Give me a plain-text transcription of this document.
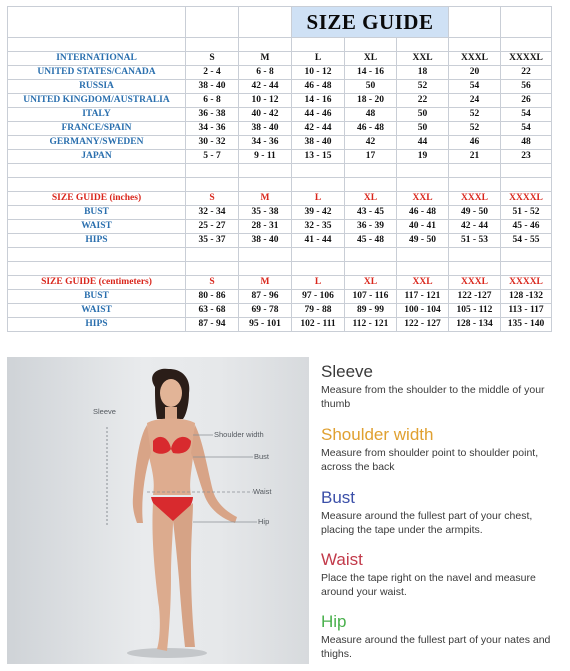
			SIZE GUIDE				

INTERNATIONAL	S	M	L	XL	XXL	XXXL	XXXXL
UNITED STATES/CANADA	2 - 4	6 - 8	10 - 12	14 - 16	18	20	22
RUSSIA	38 - 40	42 - 44	46 - 48	50	52	54	56
UNITED KINGDOM/AUSTRALIA	6 - 8	10 - 12	14 - 16	18 - 20	22	24	26
ITALY	36 - 38	40 - 42	44 - 46	48	50	52	54
FRANCE/SPAIN	34 - 36	38 - 40	42 - 44	46 - 48	50	52	54
GERMANY/SWEDEN	30 - 32	34 - 36	38 - 40	42	44	46	48
JAPAN	5 - 7	9 - 11	13 - 15	17	19	21	23

SIZE GUIDE (inches)	S	M	L	XL	XXL	XXXL	XXXXL
BUST	32 - 34	35 - 38	39 - 42	43 - 45	46 - 48	49 - 50	51 - 52
WAIST	25 - 27	28 - 31	32 - 35	36 - 39	40 - 41	42 - 44	45 - 46
HIPS	35 - 37	38 - 40	41 - 44	45 - 48	49 - 50	51 - 53	54 - 55

SIZE GUIDE (centimeters)	S	M	L	XL	XXL	XXXL	XXXXL
BUST	80 - 86	87 - 96	97 - 106	107 - 116	117 - 121	122 -127	128 -132
WAIST	63 - 68	69 - 78	79 - 88	89 - 99	100 - 104	105 - 112	113 - 117
HIPS	87 - 94	95 - 101	102 - 111	112 - 121	122 - 127	128 - 134	135 - 140
Sleeve
Shoulder width
Bust
Waist
Hip
Sleeve
Measure from the shoulder to the middle of your thumb
Shoulder width
Measure from shoulder point to shoulder point, across the back
Bust
Measure around the fullest part of your chest, placing the tape under the armpits.
Waist
Place the tape right on the navel and measure around your waist.
Hip
Measure around the fullest part of your nates and thighs.
